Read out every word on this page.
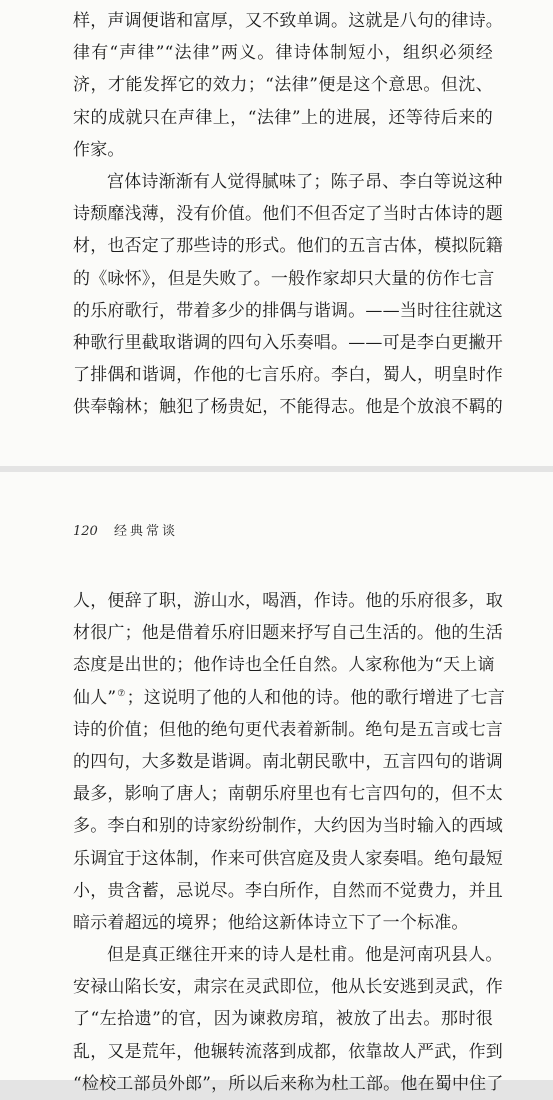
样，声调便谐和富厚，又不致单调。这就是八句的律诗。
律有“声律”“法律”两义。律诗体制短小，组织必须经
济，才能发挥它的效力；“法律”便是这个意思。但沈、
宋的成就只在声律上，“法律”上的进展，还等待后来的
作家。
宫体诗渐渐有人觉得腻味了；陈子昂、李白等说这种
诗颓靡浅薄，没有价值。他们不但否定了当时古体诗的题
材，也否定了那些诗的形式。他们的五言古体，模拟阮籍
的《咏怀》，但是失败了。一般作家却只大量的仿作七言
的乐府歌行，带着多少的排偶与谐调。——当时往往就这
种歌行里截取谐调的四句入乐奏唱。——可是李白更撇开
了排偶和谐调，作他的七言乐府。李白，蜀人，明皇时作
供奉翰林；触犯了杨贵妃，不能得志。他是个放浪不羁的
120 经典常谈
人，便辞了职，游山水，喝酒，作诗。他的乐府很多，取
材很广；他是借着乐府旧题来抒写自己生活的。他的生活
态度是出世的；他作诗也全任自然。人家称他为“天上谪
仙人”⑦；这说明了他的人和他的诗。他的歌行增进了七言
诗的价值；但他的绝句更代表着新制。绝句是五言或七言
的四句，大多数是谐调。南北朝民歌中，五言四句的谐调
最多，影响了唐人；南朝乐府里也有七言四句的，但不太
多。李白和别的诗家纷纷制作，大约因为当时输入的西域
乐调宜于这体制，作来可供宫庭及贵人家奏唱。绝句最短
小，贵含蓄，忌说尽。李白所作，自然而不觉费力，并且
暗示着超远的境界；他给这新体诗立下了一个标准。
但是真正继往开来的诗人是杜甫。他是河南巩县人。
安禄山陷长安，肃宗在灵武即位，他从长安逃到灵武，作
了“左拾遗”的官，因为谏救房琯，被放了出去。那时很
乱，又是荒年，他辗转流落到成都，依靠故人严武，作到
“检校工部员外郎”，所以后来称为杜工部。他在蜀中住了
